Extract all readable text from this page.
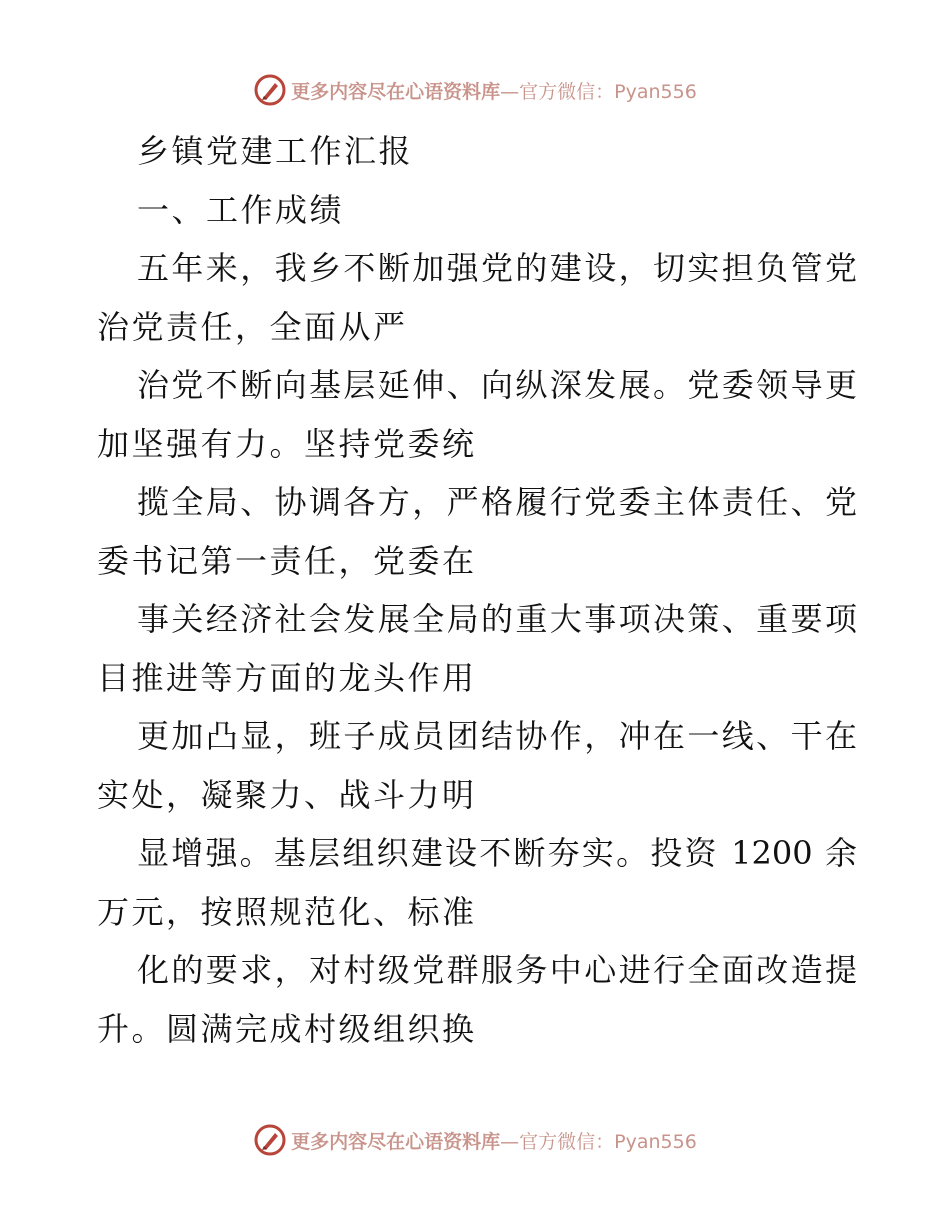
更多内容尽在心语资料库 —官方微信：Pyan556
乡镇党建工作汇报
一、工作成绩
五年来，我乡不断加强党的建设，切实担负管党
治党责任，全面从严
治党不断向基层延伸、向纵深发展。党委领导更
加坚强有力。坚持党委统
揽全局、协调各方，严格履行党委主体责任、党
委书记第一责任，党委在
事关经济社会发展全局的重大事项决策、重要项
目推进等方面的龙头作用
更加凸显，班子成员团结协作，冲在一线、干在
实处，凝聚力、战斗力明
显增强。基层组织建设不断夯实。投资 1200 余
万元，按照规范化、标准
化的要求，对村级党群服务中心进行全面改造提
升。圆满完成村级组织换
更多内容尽在心语资料库 —官方微信：Pyan556
